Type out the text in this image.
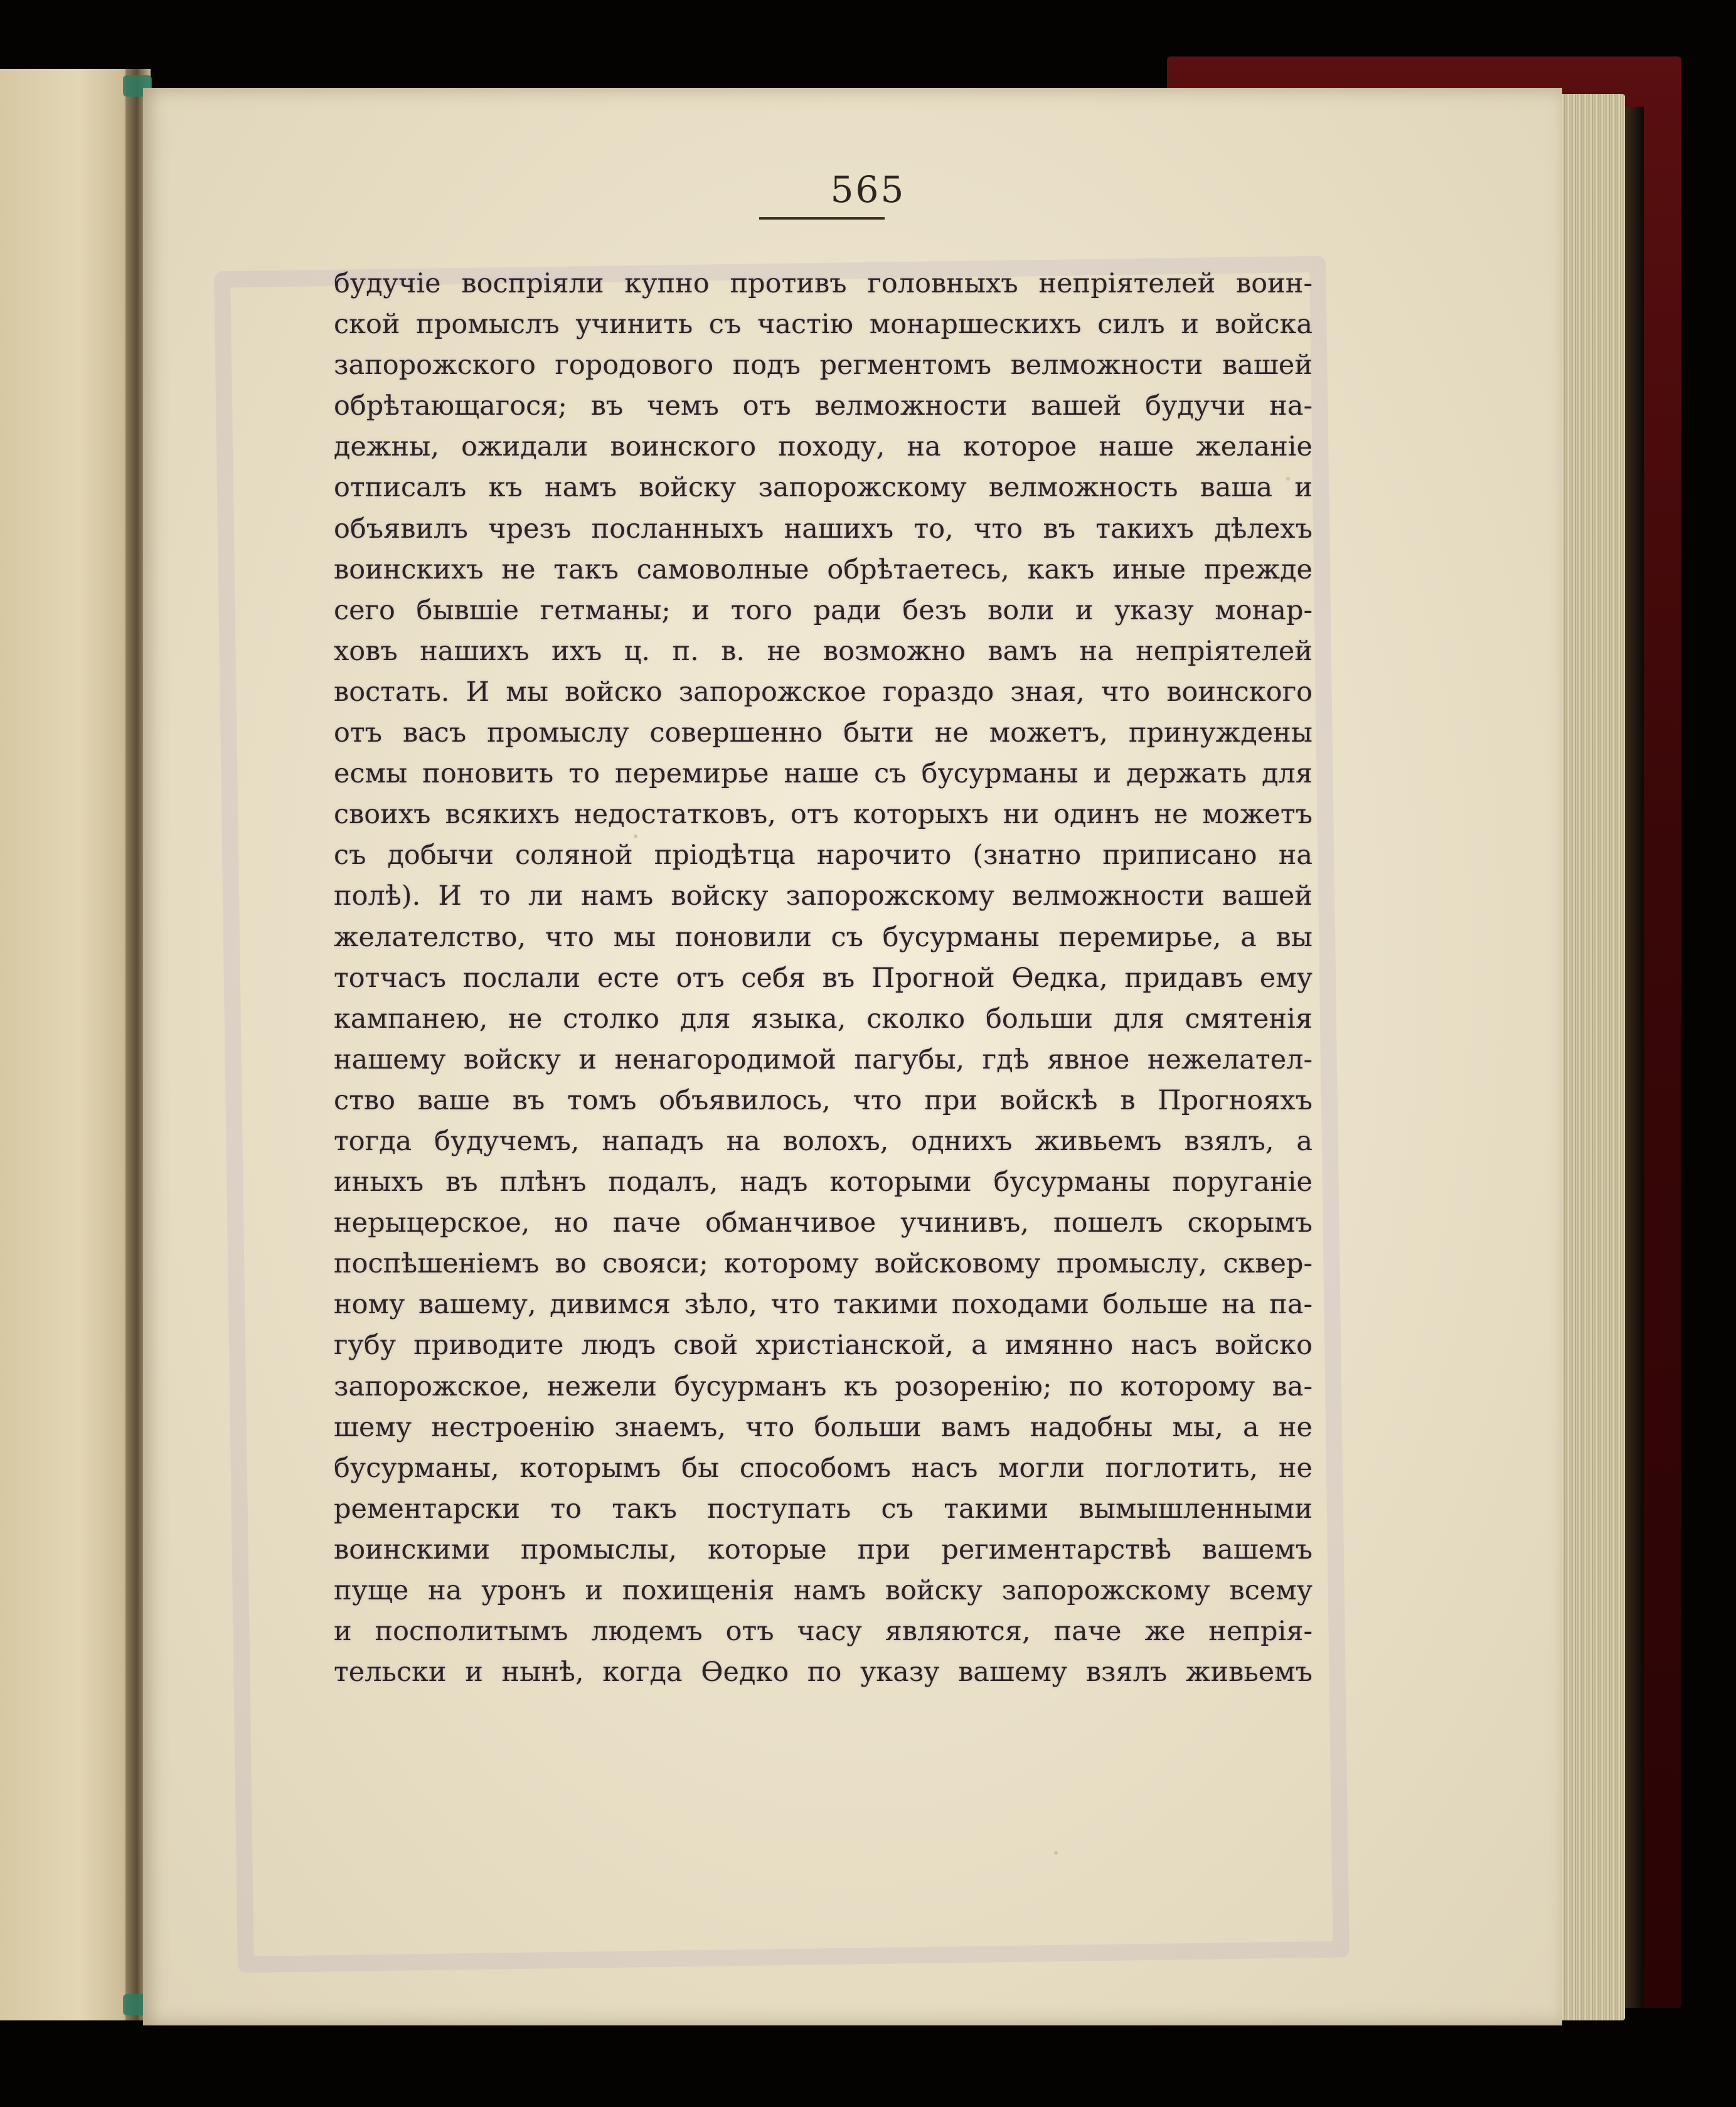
565
будучіе воспріяли купно противъ головныхъ непріятелей воин-
ской промыслъ учинить съ частію монаршескихъ силъ и войска
запорожского городового подъ регментомъ велможности вашей
обрѣтающагося; въ чемъ отъ велможности вашей будучи на-
дежны, ожидали воинского походу, на которое наше желаніе
отписалъ къ намъ войску запорожскому велможность ваша и
объявилъ чрезъ посланныхъ нашихъ то, что въ такихъ дѣлехъ
воинскихъ не такъ самоволные обрѣтаетесь, какъ иные прежде
сего бывшіе гетманы; и того ради безъ воли и указу монар-
ховъ нашихъ ихъ ц. п. в. не возможно вамъ на непріятелей
востать. И мы войско запорожское гораздо зная, что воинского
отъ васъ промыслу совершенно быти не можетъ, принуждены
есмы поновить то перемирье наше съ бусурманы и держать для
своихъ всякихъ недостатковъ, отъ которыхъ ни одинъ не можетъ
съ добычи соляной пріодѣтца нарочито (знатно приписано на
полѣ). И то ли намъ войску запорожскому велможности вашей
желателство, что мы поновили съ бусурманы перемирье, а вы
тотчасъ послали есте отъ себя въ Прогной Өедка, придавъ ему
кампанею, не столко для языка, сколко больши для смятенія
нашему войску и ненагородимой пагубы, гдѣ явное нежелател-
ство ваше въ томъ объявилось, что при войскѣ в Прогнояхъ
тогда будучемъ, нападъ на волохъ, однихъ живьемъ взялъ, а
иныхъ въ плѣнъ подалъ, надъ которыми бусурманы поруганіе
нерыцерское, но паче обманчивое учинивъ, пошелъ скорымъ
поспѣшеніемъ во свояси; которому войсковому промыслу, сквер-
ному вашему, дивимся зѣло, что такими походами больше на па-
губу приводите людъ свой христіанской, а имянно насъ войско
запорожское, нежели бусурманъ къ розоренію; по которому ва-
шему нестроенію знаемъ, что больши вамъ надобны мы, а не
бусурманы, которымъ бы способомъ насъ могли поглотить, не
рементарски то такъ поступать съ такими вымышленными
воинскими промыслы, которые при региментарствѣ вашемъ
пуще на уронъ и похищенія намъ войску запорожскому всему
и посполитымъ людемъ отъ часу являются, паче же непрія-
тельски и нынѣ, когда Өедко по указу вашему взялъ живьемъ
